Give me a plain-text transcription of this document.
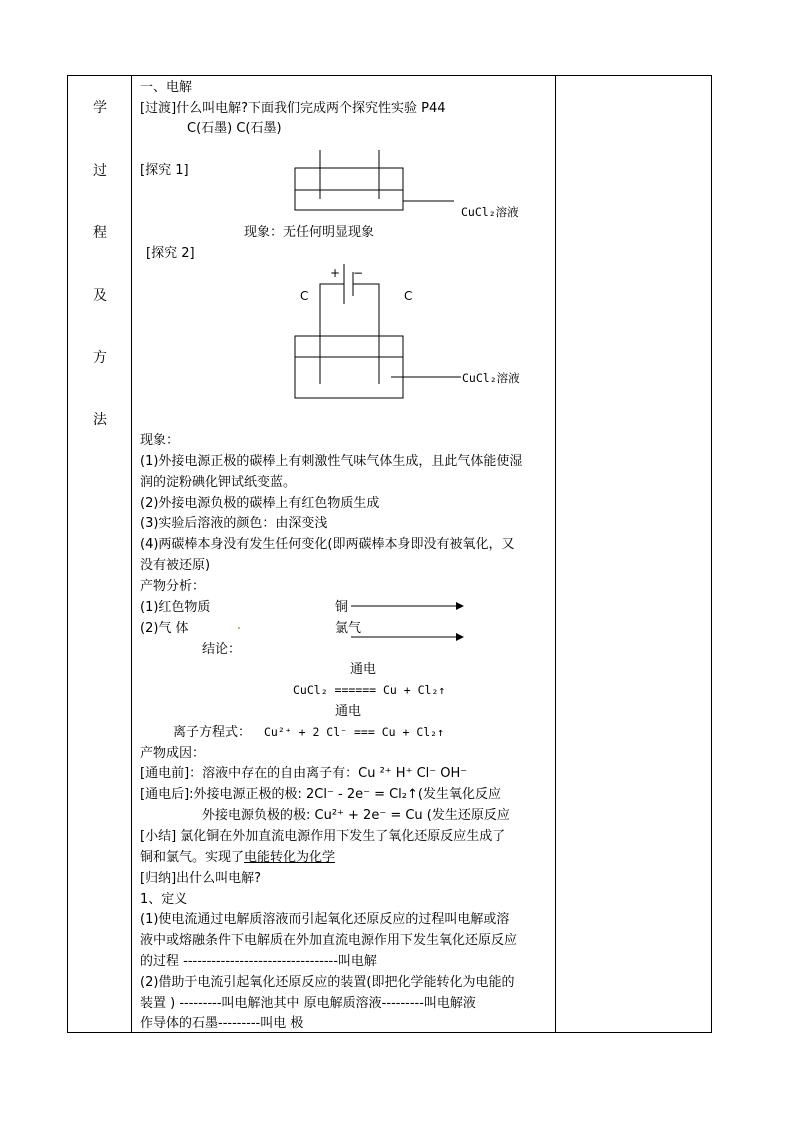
学
过
程
及
方
法
一、电解
[过渡]什么叫电解?下面我们完成两个探究性实验 P44
C(石墨) C(石墨)
[探究 1]
CuCl₂溶液
现象：无任何明显现象
[探究 2]
+ −
C	C
CuCl₂溶液
现象：
(1)外接电源正极的碳棒上有刺激性气味气体生成，且此气体能使湿
润的淀粉碘化钾试纸变蓝。
(2)外接电源负极的碳棒上有红色物质生成
(3)实验后溶液的颜色：由深变浅
(4)两碳棒本身没有发生任何变化(即两碳棒本身即没有被氧化，又
没有被还原)
产物分析：
(1)红色物质	铜
(2)气 体	氯气
结论：
通电
CuCl₂ ====== Cu + Cl₂↑
通电
离子方程式： Cu²⁺ + 2 Cl⁻ === Cu + Cl₂↑
产物成因：
[通电前]：溶液中存在的自由离子有：Cu ²⁺ H⁺ Cl⁻ OH⁻
[通电后]:外接电源正极的极: 2Cl⁻ - 2e⁻ = Cl₂↑(发生氧化反应
外接电源负极的极: Cu²⁺ + 2e⁻ = Cu (发生还原反应
[小结] 氯化铜在外加直流电源作用下发生了氧化还原反应生成了
铜和氯气。实现了电能转化为化学
[归纳]出什么叫电解?
1、定义
(1)使电流通过电解质溶液而引起氧化还原反应的过程叫电解或溶
液中或熔融条件下电解质在外加直流电源作用下发生氧化还原反应
的过程 ---------------------------------叫电解
(2)借助于电流引起氧化还原反应的装置(即把化学能转化为电能的
装置 ) ---------叫电解池其中 原电解质溶液---------叫电解液
作导体的石墨---------叫电 极
